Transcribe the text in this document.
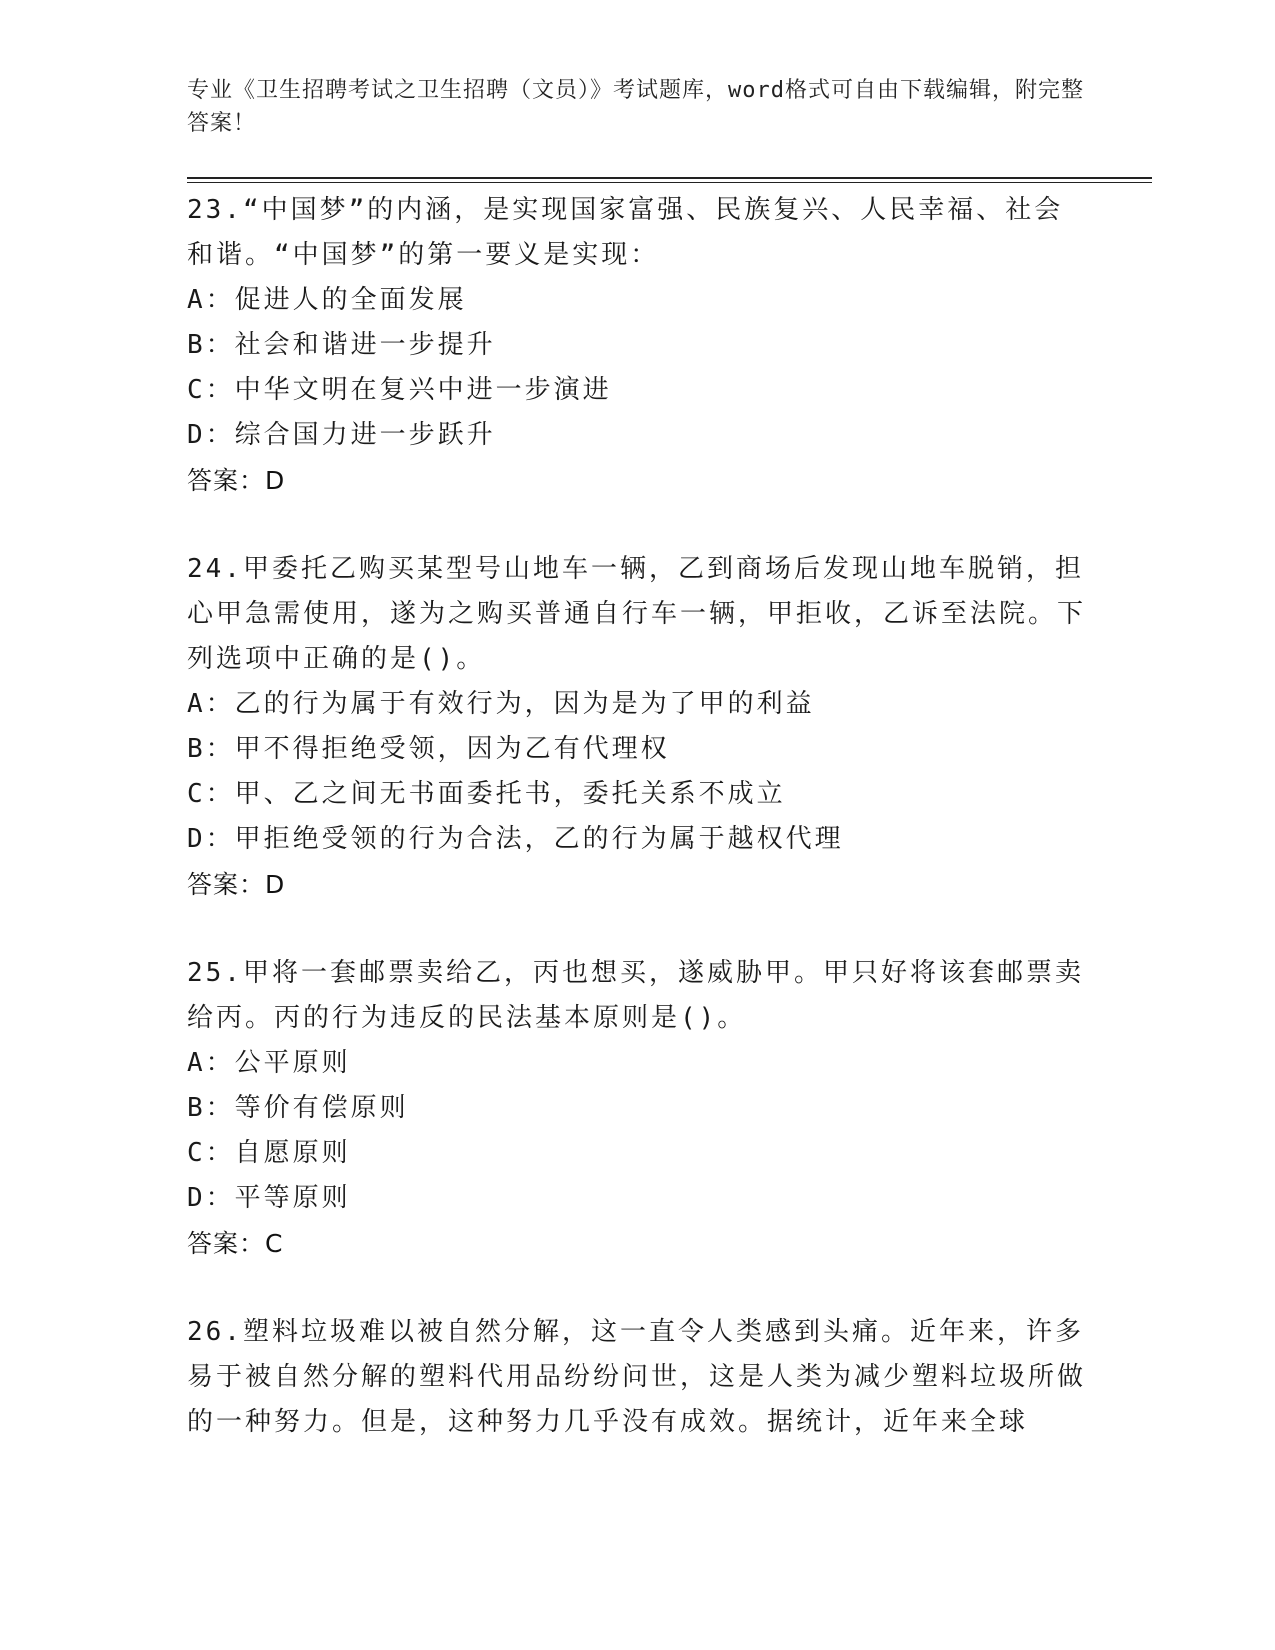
专业《卫生招聘考试之卫生招聘（文员）》考试题库，word格式可自由下载编辑，附完整答案！
23.“中国梦”的内涵，是实现国家富强、民族复兴、人民幸福、社会和谐。“中国梦”的第一要义是实现：
A：促进人的全面发展
B：社会和谐进一步提升
C：中华文明在复兴中进一步演进
D：综合国力进一步跃升
答案：D
24.甲委托乙购买某型号山地车一辆，乙到商场后发现山地车脱销，担心甲急需使用，遂为之购买普通自行车一辆，甲拒收，乙诉至法院。下列选项中正确的是()。
A：乙的行为属于有效行为，因为是为了甲的利益
B：甲不得拒绝受领，因为乙有代理权
C：甲、乙之间无书面委托书，委托关系不成立
D：甲拒绝受领的行为合法，乙的行为属于越权代理
答案：D
25.甲将一套邮票卖给乙，丙也想买，遂威胁甲。甲只好将该套邮票卖给丙。丙的行为违反的民法基本原则是()。
A：公平原则
B：等价有偿原则
C：自愿原则
D：平等原则
答案：C
26.塑料垃圾难以被自然分解，这一直令人类感到头痛。近年来，许多易于被自然分解的塑料代用品纷纷问世，这是人类为减少塑料垃圾所做的一种努力。但是，这种努力几乎没有成效。据统计，近年来全球
